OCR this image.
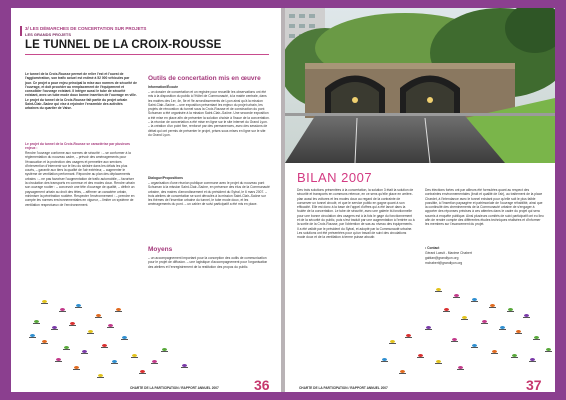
3/ LES DÉMARCHES DE CONCERTATION SUR PROJETS
LES GRANDS PROJETS
LE TUNNEL DE LA CROIX-ROUSSE
Le tunnel de la Croix-Rousse permet de relier l'est et l'ouest de l'agglomération, son trafic actuel est estimé à 52 000 véhicules par jour. Ce projet a pour enjeu principal la mise aux normes de sécurité de l'ouvrage, et doit procéder au remplacement de l'équipement et consolider l'ouvrage existant. Il intègre aussi le tube de sécurité existant, avec un tube mode doux bonne insertion de l'ouvrage en ville. Le projet du tunnel de la Croix-Rousse fait partie du projet urbain Saint-Clair–Saône qui vise à rejoindre l'ensemble des activités urbaines du quartier de Vaise.
Le projet du tunnel de la Croix-Rousse se caractérise par plusieurs enjeux :
Rendre l'ouvrage conforme aux normes de sécurité : – se conformer à la réglementation du nouveau cadre, – prévoir des aménagements pour l'évacuation et la protection des usagers et permettre aux services d'intervention d'intervenir sur le lieu du sinistre dans les délais les plus courts, – garantir aux tiers la qualité de l'air extérieur, – augmenter le système de ventilation performant. Répondre au plan des déplacements urbains : – ne pas favoriser l'augmentation de trafic automobile, – favoriser la circulation des transports en commun et des modes doux. Rendre urbain son ouvrage routier : – concevoir une tête d'ouvrage de qualité, – définir un paysagement urbain au droit des têtes, – affirmer un caractère urbain, minimiser la pénétration routière. Respecter l'environnement : – prendre en compte les normes environnementales en vigueur, – limiter un système de ventilation respectueux de l'environnement.
Outils de concertation mis en œuvre
Information/Écoute
– un dossier de concertation et un registre pour recueillir les observations ont été mis à la disposition du public à l'Hôtel de Communauté, à la mairie centrale, dans les mairies des 1er, 4e, 5e et 9e arrondissements de Lyon ainsi qu'à la mission Saint-Clair–Saône. – une exposition présentant les enjeux du projet urbain, les projets de rénovation du tunnel sous la Croix-Rousse et de construction du pont Schuman a été organisée à la mission Saint-Clair–Saône. Une seconde exposition a été mise en place afin de présenter la solution choisie à l'issue de la concertation. – la réunion de concertation a été mise en ligne sur le site internet du Grand Lyon. – la création d'un point fixe, renforcé par des permanences, avec des sessions de débat qui ont permis de présenter le projet, prises sous mises en ligne sur le site du Grand Lyon.
Dialogue/Propositions
– organisation d'une réunion publique commune avec le projet du nouveau pont Schuman à la mission Saint-Clair–Saône, en présence des élus de la Communauté urbaine, des maires d'arrondissement et du président du Sytral, le 6 mars 2007. – trois ateliers de concertation se sont déroulés à la mission Saint-Clair–Saône sur les thèmes de l'insertion urbaine du tunnel, le tube mode doux, et les aménagements du pont. – un cahier de suivi participatif a été mis en place.
Moyens
– un accompagnement important pour la conception des outils de communication pour le projet de diffusion. – une logistique d'accompagnement pour l'organisation des ateliers et l'enregistrement de la restitution des propos du public.
CHARTE DE LA PARTICIPATION / RAPPORT ANNUEL 2007	36
BILAN 2007
Des trois solutions présentées à la concertation, la solution 3 était la solution de sécurité et transports en communs retenue, en ce sens qu'elle place en arrière-plan aussi les voitures et les modes doux au regard de la contrainte de conserver un tunnel circulé, et que le service public en gagne quant à son efficacité. Elle est donc à la base de l'appel d'offres qui a été lancé dans la foulée de la concertation. Le tube de sécurité, avec une galerie bi-fonctionnelle pour une bonne circulation des usagers est à la fois le gage du fonctionnement et de la sécurité du public, puis s'est traduit par une augmentation à l'entrée ou à la sortie de la Croix-Rousse, par l'obtention de sas au niveau des équipements. Il a été validé par le président du Sytral, et adopté par la Communauté urbaine. Les solutions ont été présentées pour qu'un travail de suivi des circulations mode doux et de la ventilation à terme puisse aboutir.
Des élections fortes ont par ailleurs été formulées quant au respect des contraintes environnementales (bruit et qualité de l'air), au traitement de la place Chardet, à l'intendance avec le tunnel existant pour qu'elle soit le plus faible possible, à l'insertion paysagère et patrimoniale de l'ouvrage réhabilité, ainsi que la continuité des cheminements de la Communauté urbaine de s'engager à apporter des réponses précises à ces attentes dans le cadre du projet qui sera soumis à enquête publique. Ainsi plusieurs comités de suivi participatif ont eu lieu afin de rendre compte des différentes études techniques réalisées et d'informer les membres sur l'avancement du projet.
• Contact
Gérard Lasvit - Maxime Chabert
gablan@grandlyon.org
mchabert@grandlyon.org
CHARTE DE LA PARTICIPATION / RAPPORT ANNUEL 2007	37
